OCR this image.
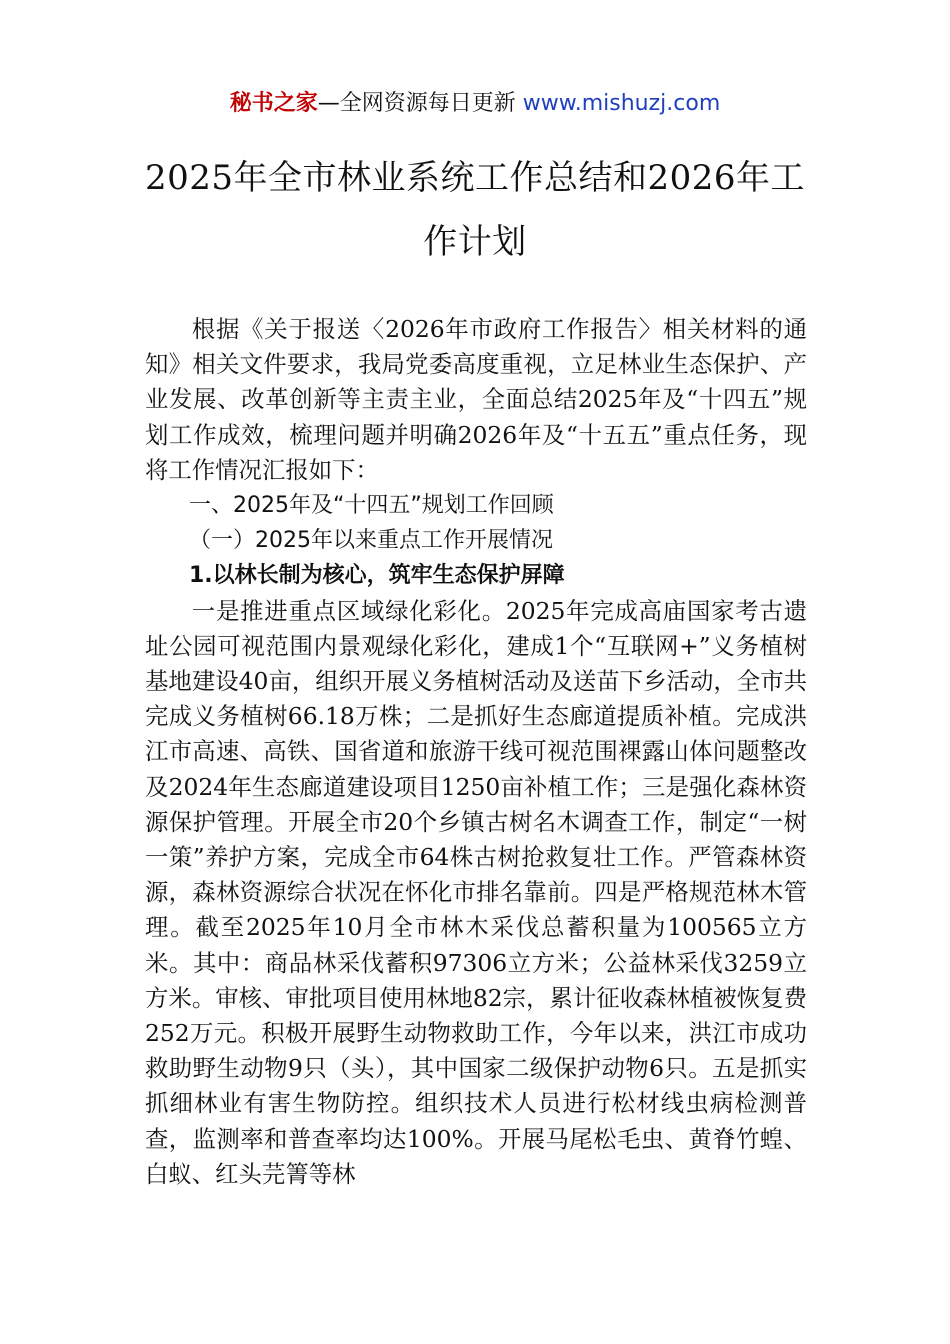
秘书之家—全网资源每日更新 www.mishuzj.com
2025年全市林业系统工作总结和2026年工作计划

根据《关于报送〈2026年市政府工作报告〉相关材料的通知》相关文件要求，我局党委高度重视，立足林业生态保护、产业发展、改革创新等主责主业，全面总结2025年及“十四五”规划工作成效，梳理问题并明确2026年及“十五五”重点任务，现将工作情况汇报如下：

一、2025年及“十四五”规划工作回顾

（一）2025年以来重点工作开展情况

1.以林长制为核心，筑牢生态保护屏障

一是推进重点区域绿化彩化。2025年完成高庙国家考古遗址公园可视范围内景观绿化彩化，建成1个“互联网+”义务植树基地建设40亩，组织开展义务植树活动及送苗下乡活动，全市共完成义务植树66.18万株；二是抓好生态廊道提质补植。完成洪江市高速、高铁、国省道和旅游干线可视范围裸露山体问题整改及2024年生态廊道建设项目1250亩补植工作；三是强化森林资源保护管理。开展全市20个乡镇古树名木调查工作，制定“一树一策”养护方案，完成全市64株古树抢救复壮工作。严管森林资源，森林资源综合状况在怀化市排名靠前。四是严格规范林木管理。截至2025年10月全市林木采伐总蓄积量为100565立方米。其中：商品林采伐蓄积97306立方米；公益林采伐3259立方米。审核、审批项目使用林地82宗，累计征收森林植被恢复费252万元。积极开展野生动物救助工作，今年以来，洪江市成功救助野生动物9只（头），其中国家二级保护动物6只。五是抓实抓细林业有害生物防控。组织技术人员进行松材线虫病检测普查，监测率和普查率均达100%。开展马尾松毛虫、黄脊竹蝗、白蚁、红头芫箐等林
